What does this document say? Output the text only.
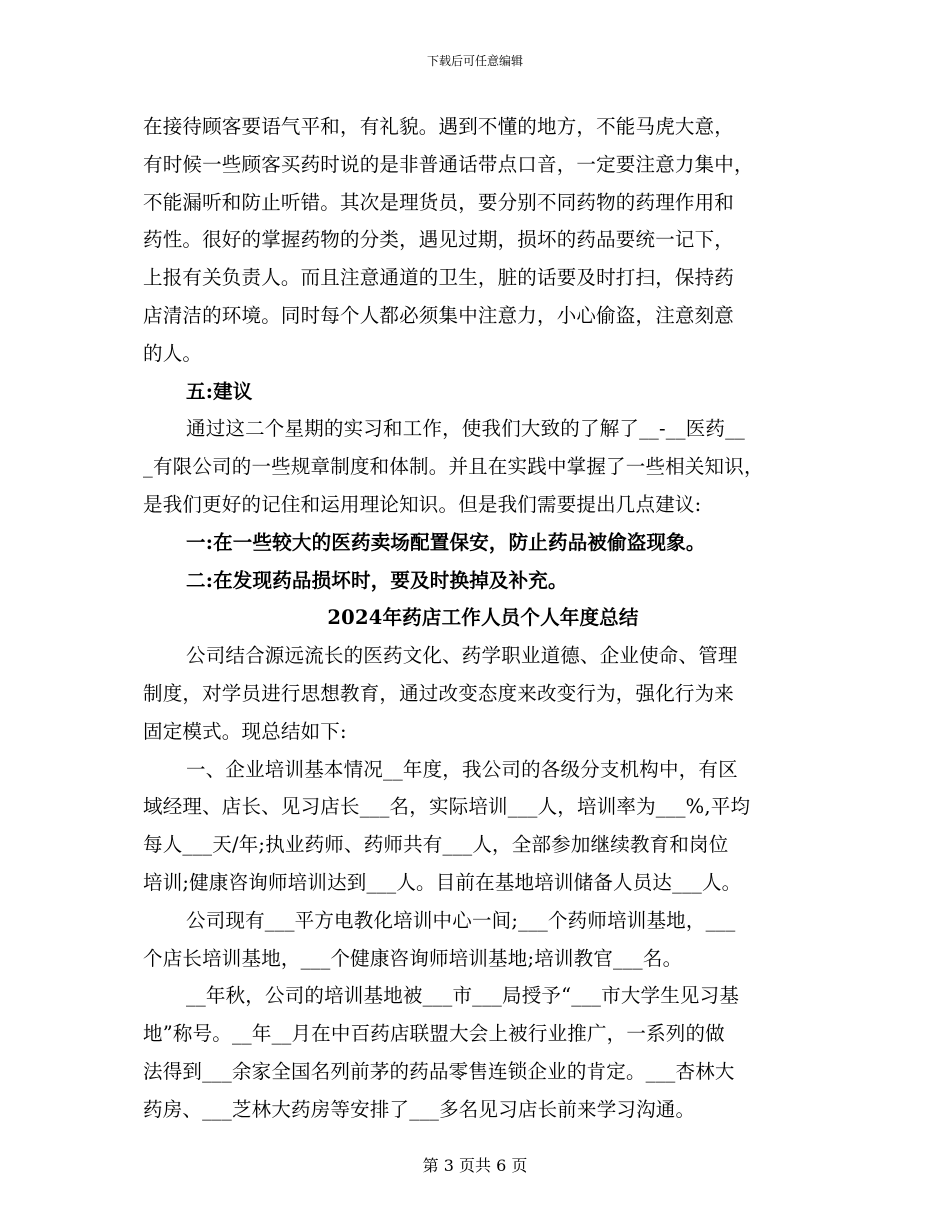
下载后可任意编辑
在接待顾客要语气平和，有礼貌。遇到不懂的地方，不能马虎大意，
有时候一些顾客买药时说的是非普通话带点口音，一定要注意力集中，
不能漏听和防止听错。其次是理货员，要分别不同药物的药理作用和
药性。很好的掌握药物的分类，遇见过期，损坏的药品要统一记下，
上报有关负责人。而且注意通道的卫生，脏的话要及时打扫，保持药
店清洁的环境。同时每个人都必须集中注意力，小心偷盗，注意刻意
的人。
五:建议
通过这二个星期的实习和工作，使我们大致的了解了__-__医药__
_有限公司的一些规章制度和体制。并且在实践中掌握了一些相关知识，
是我们更好的记住和运用理论知识。但是我们需要提出几点建议:
一:在一些较大的医药卖场配置保安，防止药品被偷盗现象。
二:在发现药品损坏时，要及时换掉及补充。
2024年药店工作人员个人年度总结
公司结合源远流长的医药文化、药学职业道德、企业使命、管理
制度，对学员进行思想教育，通过改变态度来改变行为，强化行为来
固定模式。现总结如下:
一、企业培训基本情况__年度，我公司的各级分支机构中，有区
域经理、店长、见习店长___名，实际培训___人，培训率为___%,平均
每人___天/年;执业药师、药师共有___人，全部参加继续教育和岗位
培训;健康咨询师培训达到___人。目前在基地培训储备人员达___人。
公司现有___平方电教化培训中心一间;___个药师培训基地，___
个店长培训基地，___个健康咨询师培训基地;培训教官___名。
__年秋，公司的培训基地被___市___局授予“___市大学生见习基
地”称号。__年__月在中百药店联盟大会上被行业推广，一系列的做
法得到___余家全国名列前茅的药品零售连锁企业的肯定。___杏林大
药房、___芝林大药房等安排了___多名见习店长前来学习沟通。
第 3 页共 6 页
